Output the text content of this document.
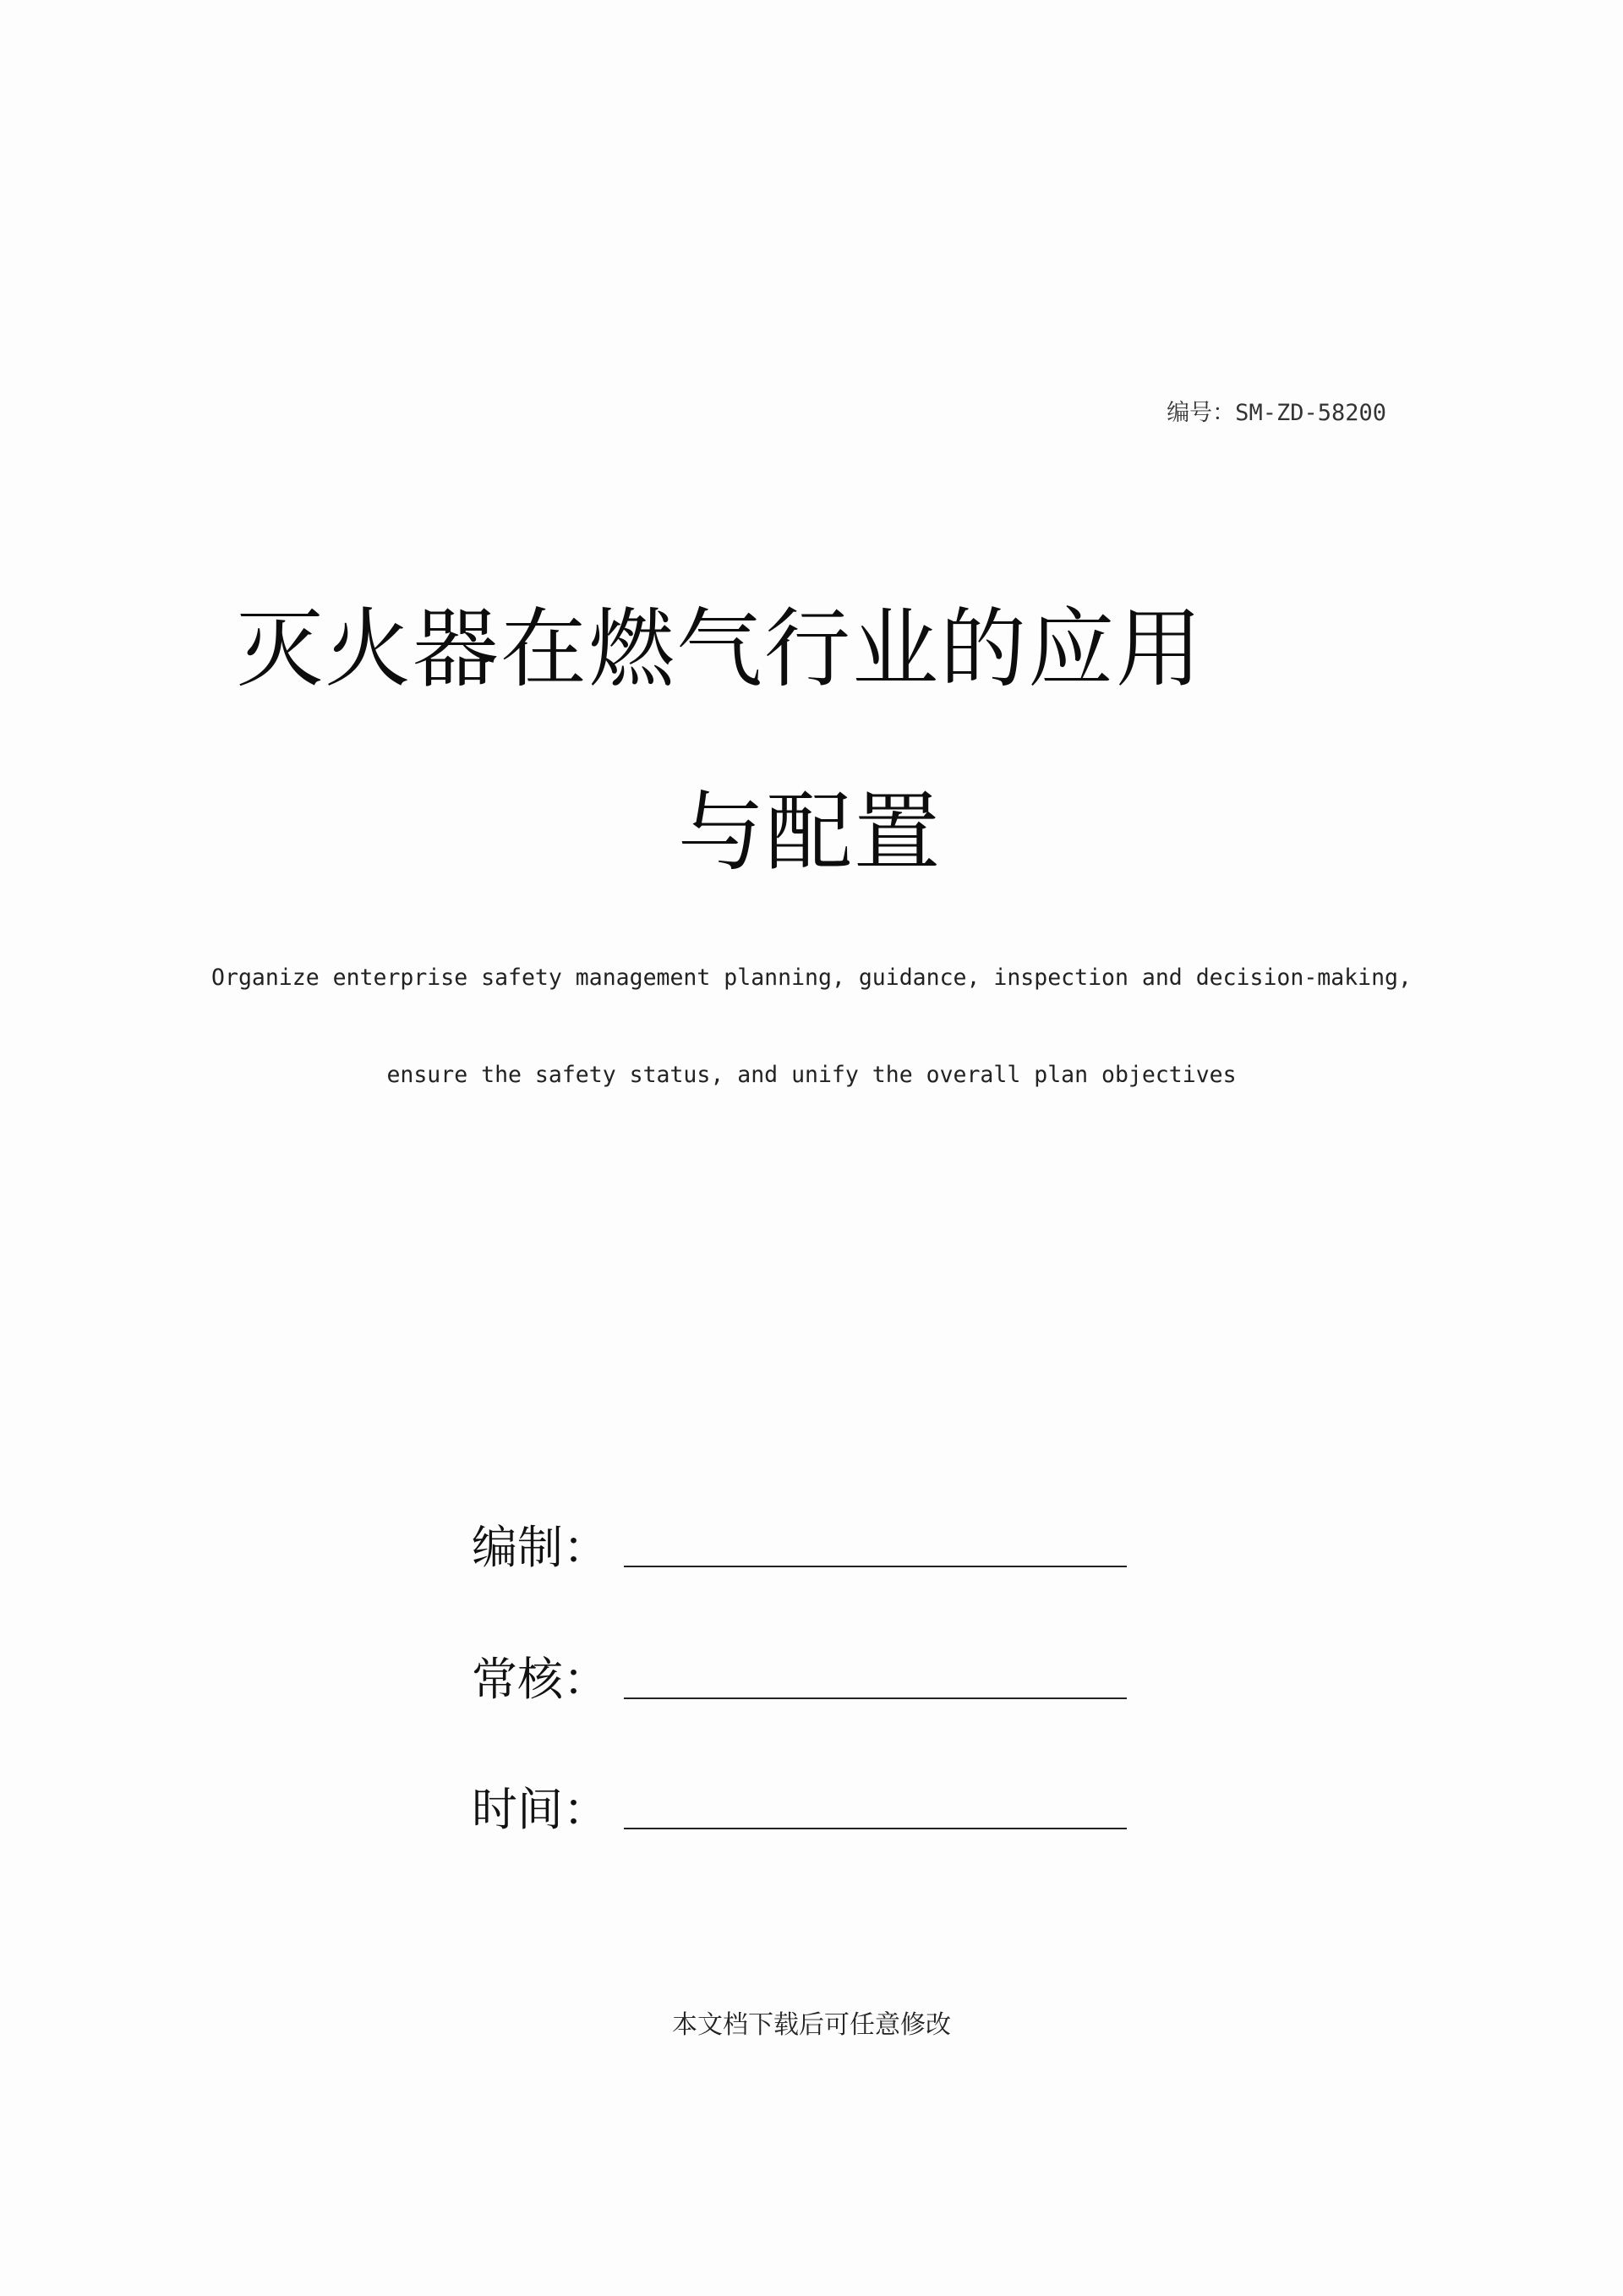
编号：SM-ZD-58200
灭火器在燃气行业的应用
与配置
Organize enterprise safety management planning, guidance, inspection and decision-making,
ensure the safety status, and unify the overall plan objectives
编制：
常核：
时间：
本文档下载后可任意修改
